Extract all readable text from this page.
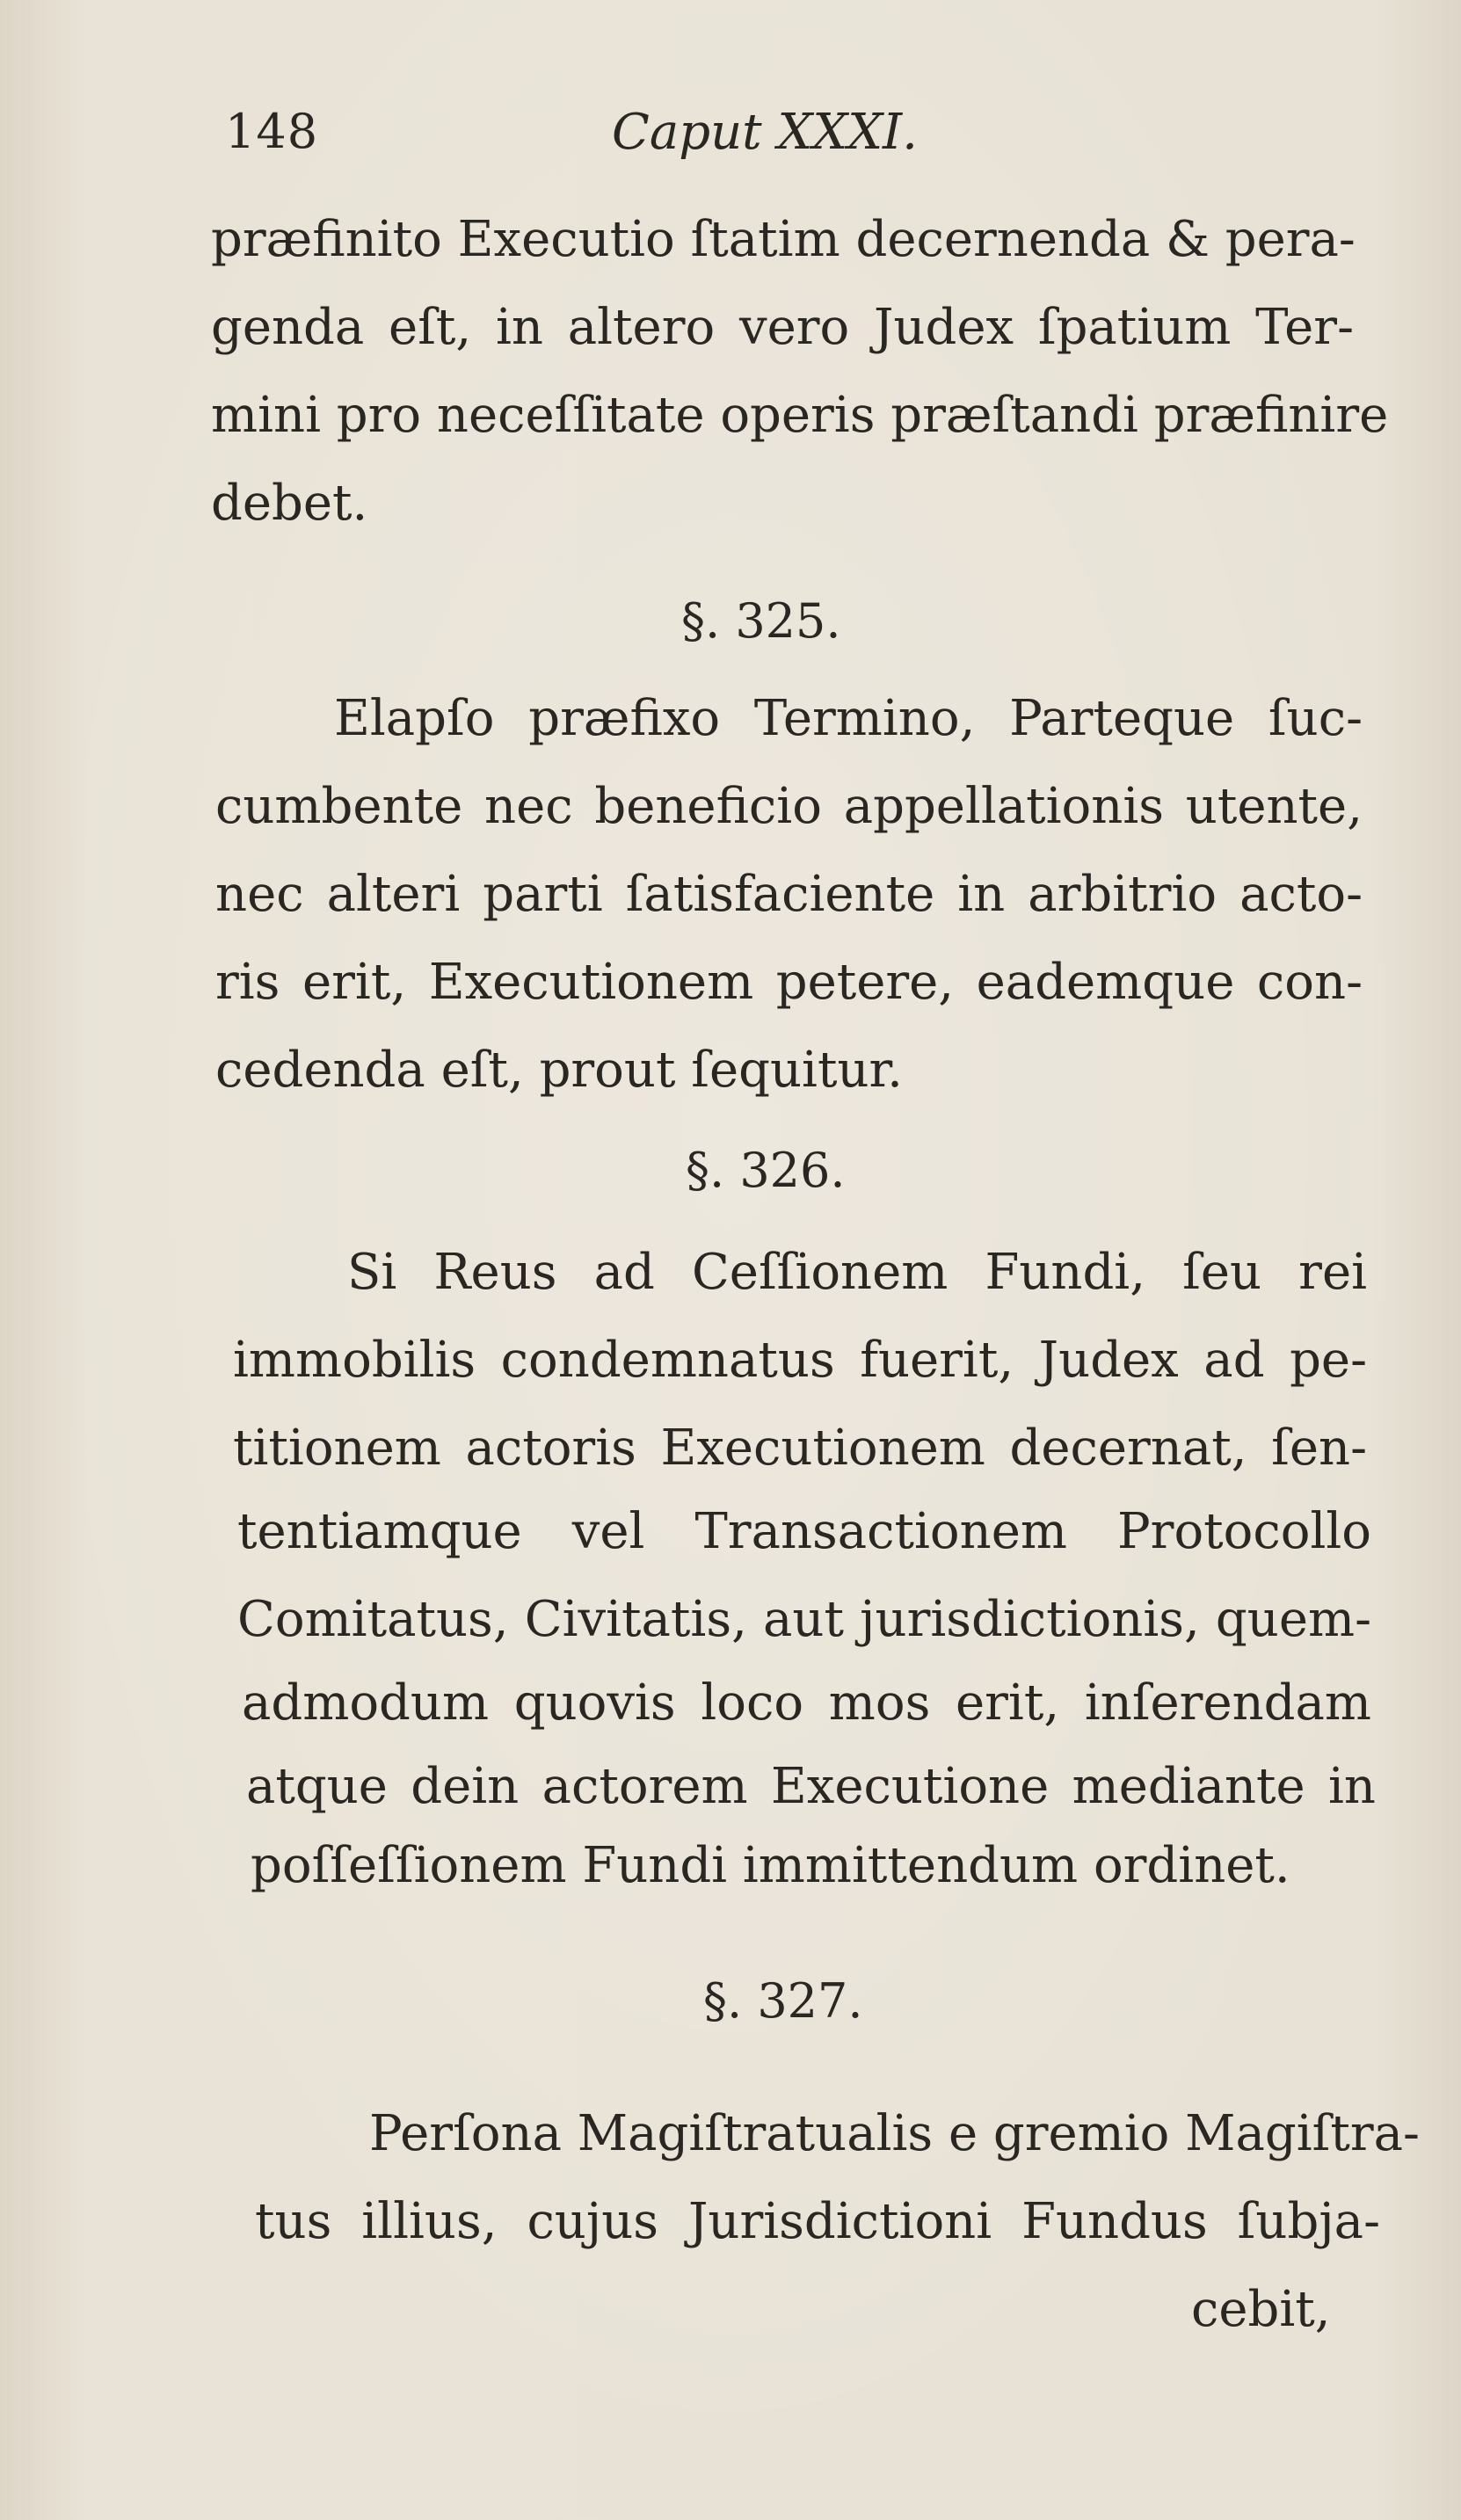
148	Caput XXXI.
præfinito Executio ſtatim decernenda & pera-
genda eſt, in altero vero Judex ſpatium Ter-
mini pro neceſſitate operis præſtandi præfinire
debet.
§. 325.
Elapſo præfixo Termino, Parteque ſuc-
cumbente nec beneficio appellationis utente,
nec alteri parti ſatisfaciente in arbitrio acto-
ris erit, Executionem petere, eademque con-
cedenda eſt, prout ſequitur.
§. 326.
Si Reus ad Ceſſionem Fundi, ſeu rei
immobilis condemnatus fuerit, Judex ad pe-
titionem actoris Executionem decernat, ſen-
tentiamque vel Transactionem Protocollo
Comitatus, Civitatis, aut jurisdictionis, quem-
admodum quovis loco mos erit, inſerendam
atque dein actorem Executione mediante in
poſſeſſionem Fundi immittendum ordinet.
§. 327.
Perſona Magiſtratualis e gremio Magiſtra-
tus illius, cujus Jurisdictioni Fundus ſubja-
cebit,
